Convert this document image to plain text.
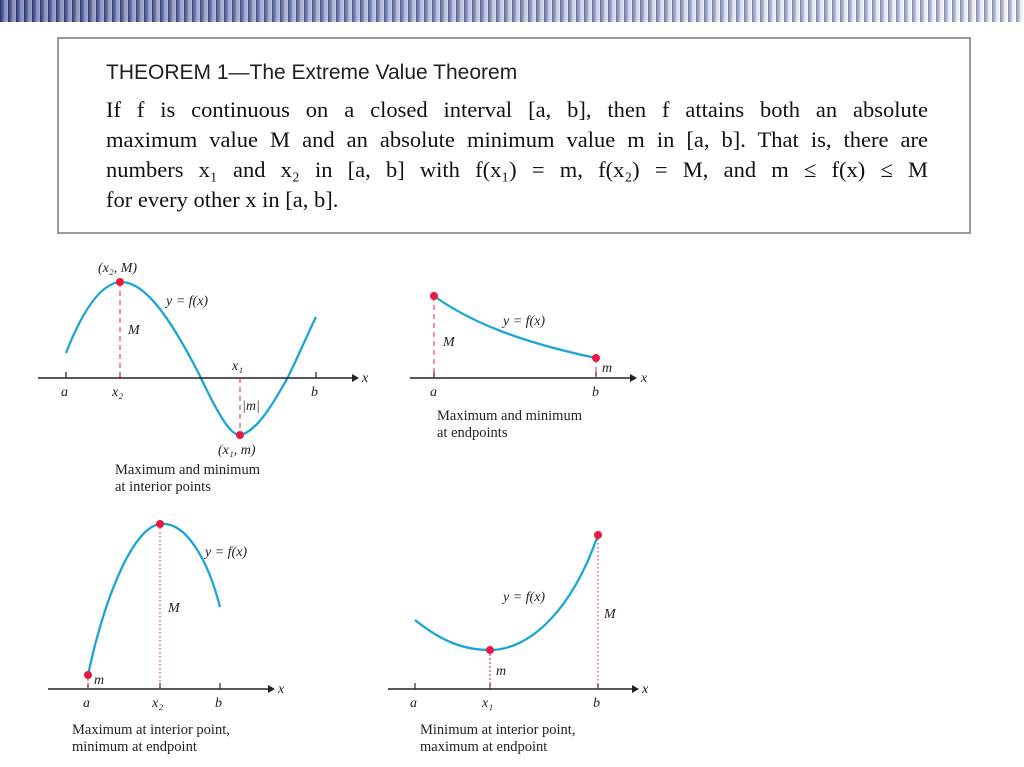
THEOREM 1—The Extreme Value Theorem
If f is continuous on a closed interval [a, b], then f attains both an absolute
maximum value M and an absolute minimum value m in [a, b]. That is, there are
numbers x₁ and x₂ in [a, b] with f(x₁) = m, f(x₂) = M, and m ≤ f(x) ≤ M
for every other x in [a, b].
(x₂, M)
y = f(x)
M
x₁
x
a	x₂	b
|m|
(x₁, m)
Maximum and minimum
at interior points
y = f(x)
M
m
x
a	b
Maximum and minimum
at endpoints
y = f(x)
M
m
x
a	x₂	b
Maximum at interior point,
minimum at endpoint
y = f(x)
M
m
x
a	x₁	b
Minimum at interior point,
maximum at endpoint
